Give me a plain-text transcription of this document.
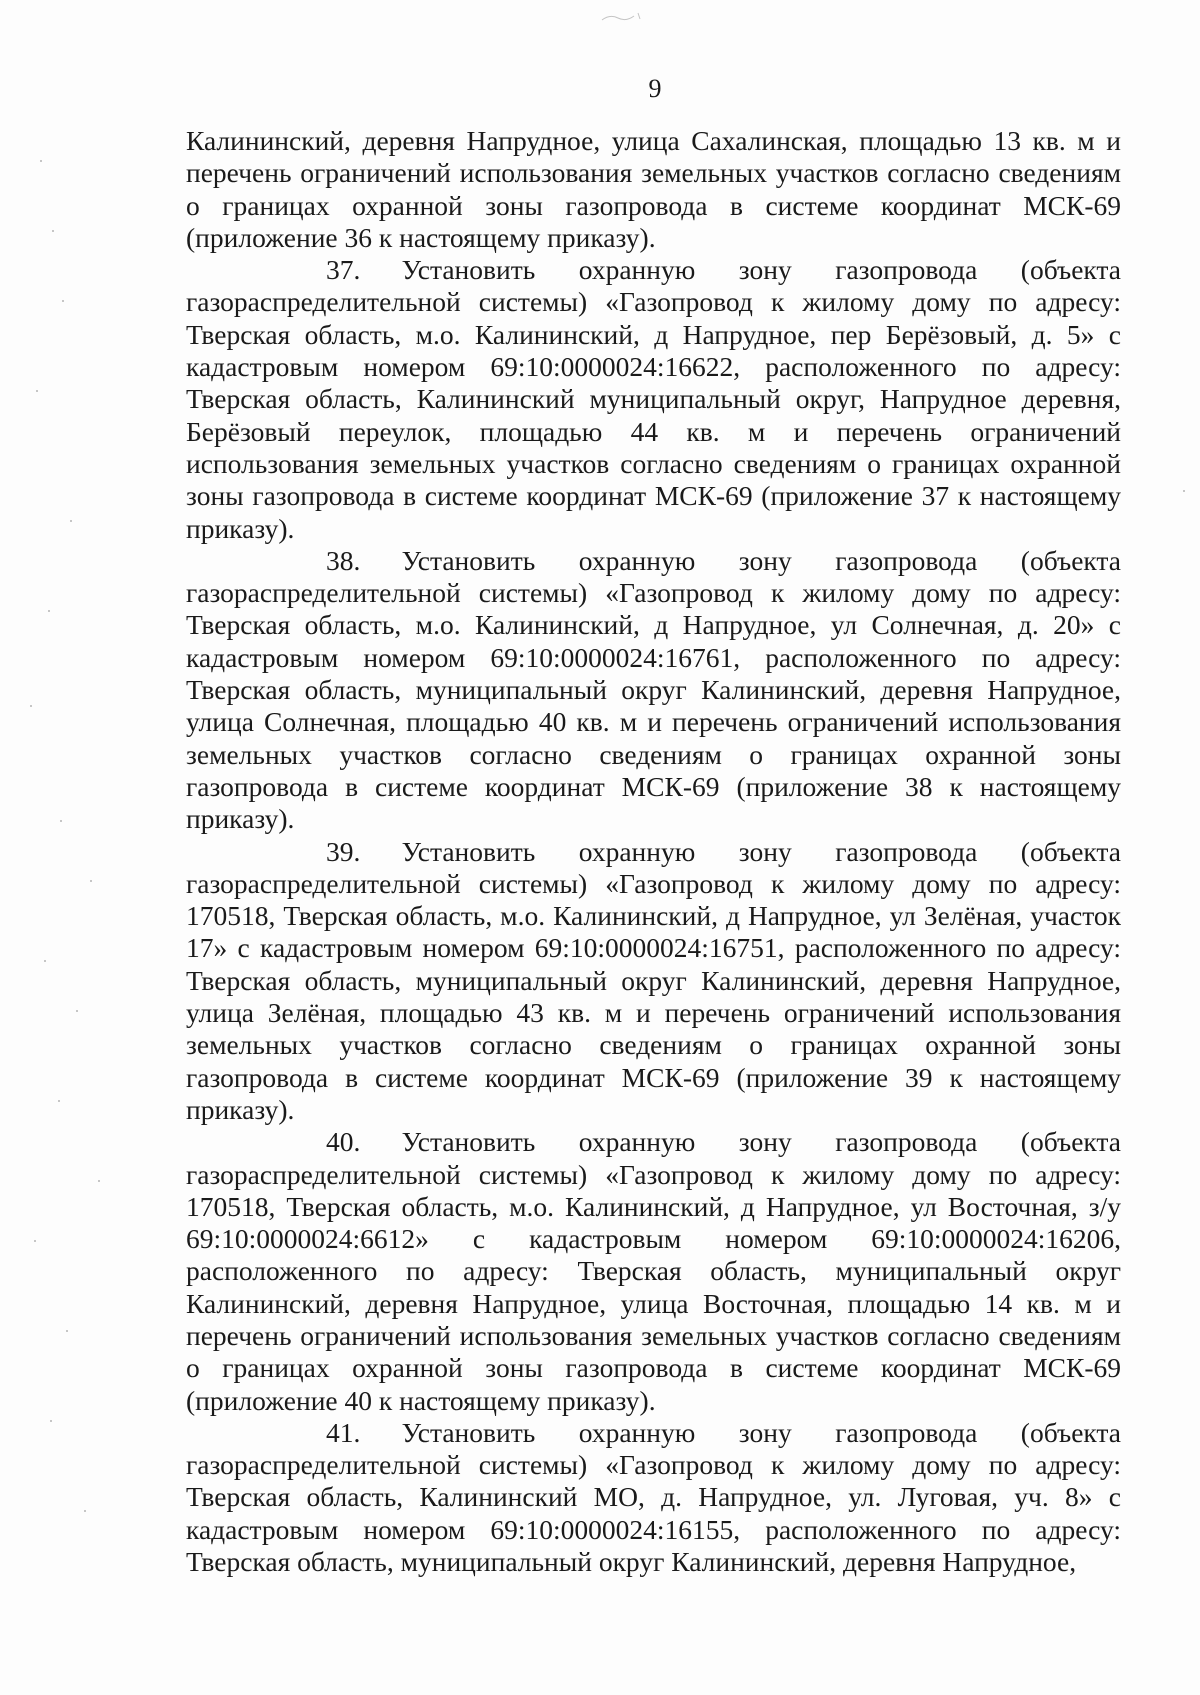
9

Калининский, деревня Напрудное, улица Сахалинская, площадью 13 кв. м и перечень ограничений использования земельных участков согласно сведениям о границах охранной зоны газопровода в системе координат МСК-69 (приложение 36 к настоящему приказу).

37.   Установить охранную зону газопровода (объекта газораспределительной системы) «Газопровод к жилому дому по адресу: Тверская область, м.о. Калининский, д Напрудное, пер Берёзовый, д. 5» с кадастровым номером 69:10:0000024:16622, расположенного по адресу: Тверская область, Калининский муниципальный округ, Напрудное деревня, Берёзовый переулок, площадью 44 кв. м и перечень ограничений использования земельных участков согласно сведениям о границах охранной зоны газопровода в системе координат МСК-69 (приложение 37 к настоящему приказу).

38.   Установить охранную зону газопровода (объекта газораспределительной системы) «Газопровод к жилому дому по адресу: Тверская область, м.о. Калининский, д Напрудное, ул Солнечная, д. 20» с кадастровым номером 69:10:0000024:16761, расположенного по адресу: Тверская область, муниципальный округ Калининский, деревня Напрудное, улица Солнечная, площадью 40 кв. м и перечень ограничений использования земельных участков согласно сведениям о границах охранной зоны газопровода в системе координат МСК-69 (приложение 38 к настоящему приказу).

39.   Установить охранную зону газопровода (объекта газораспределительной системы) «Газопровод к жилому дому по адресу: 170518, Тверская область, м.о. Калининский, д Напрудное, ул Зелёная, участок 17» с кадастровым номером 69:10:0000024:16751, расположенного по адресу: Тверская область, муниципальный округ Калининский, деревня Напрудное, улица Зелёная, площадью 43 кв. м и перечень ограничений использования земельных участков согласно сведениям о границах охранной зоны газопровода в системе координат МСК-69 (приложение 39 к настоящему приказу).

40.   Установить охранную зону газопровода (объекта газораспределительной системы) «Газопровод к жилому дому по адресу: 170518, Тверская область, м.о. Калининский, д Напрудное, ул Восточная, з/у 69:10:0000024:6612» с кадастровым номером 69:10:0000024:16206, расположенного по адресу: Тверская область, муниципальный округ Калининский, деревня Напрудное, улица Восточная, площадью 14 кв. м и перечень ограничений использования земельных участков согласно сведениям о границах охранной зоны газопровода в системе координат МСК-69 (приложение 40 к настоящему приказу).

41.   Установить охранную зону газопровода (объекта газораспределительной системы) «Газопровод к жилому дому по адресу: Тверская область, Калининский МО, д. Напрудное, ул. Луговая, уч. 8» с кадастровым номером 69:10:0000024:16155, расположенного по адресу: Тверская область, муниципальный округ Калининский, деревня Напрудное,
